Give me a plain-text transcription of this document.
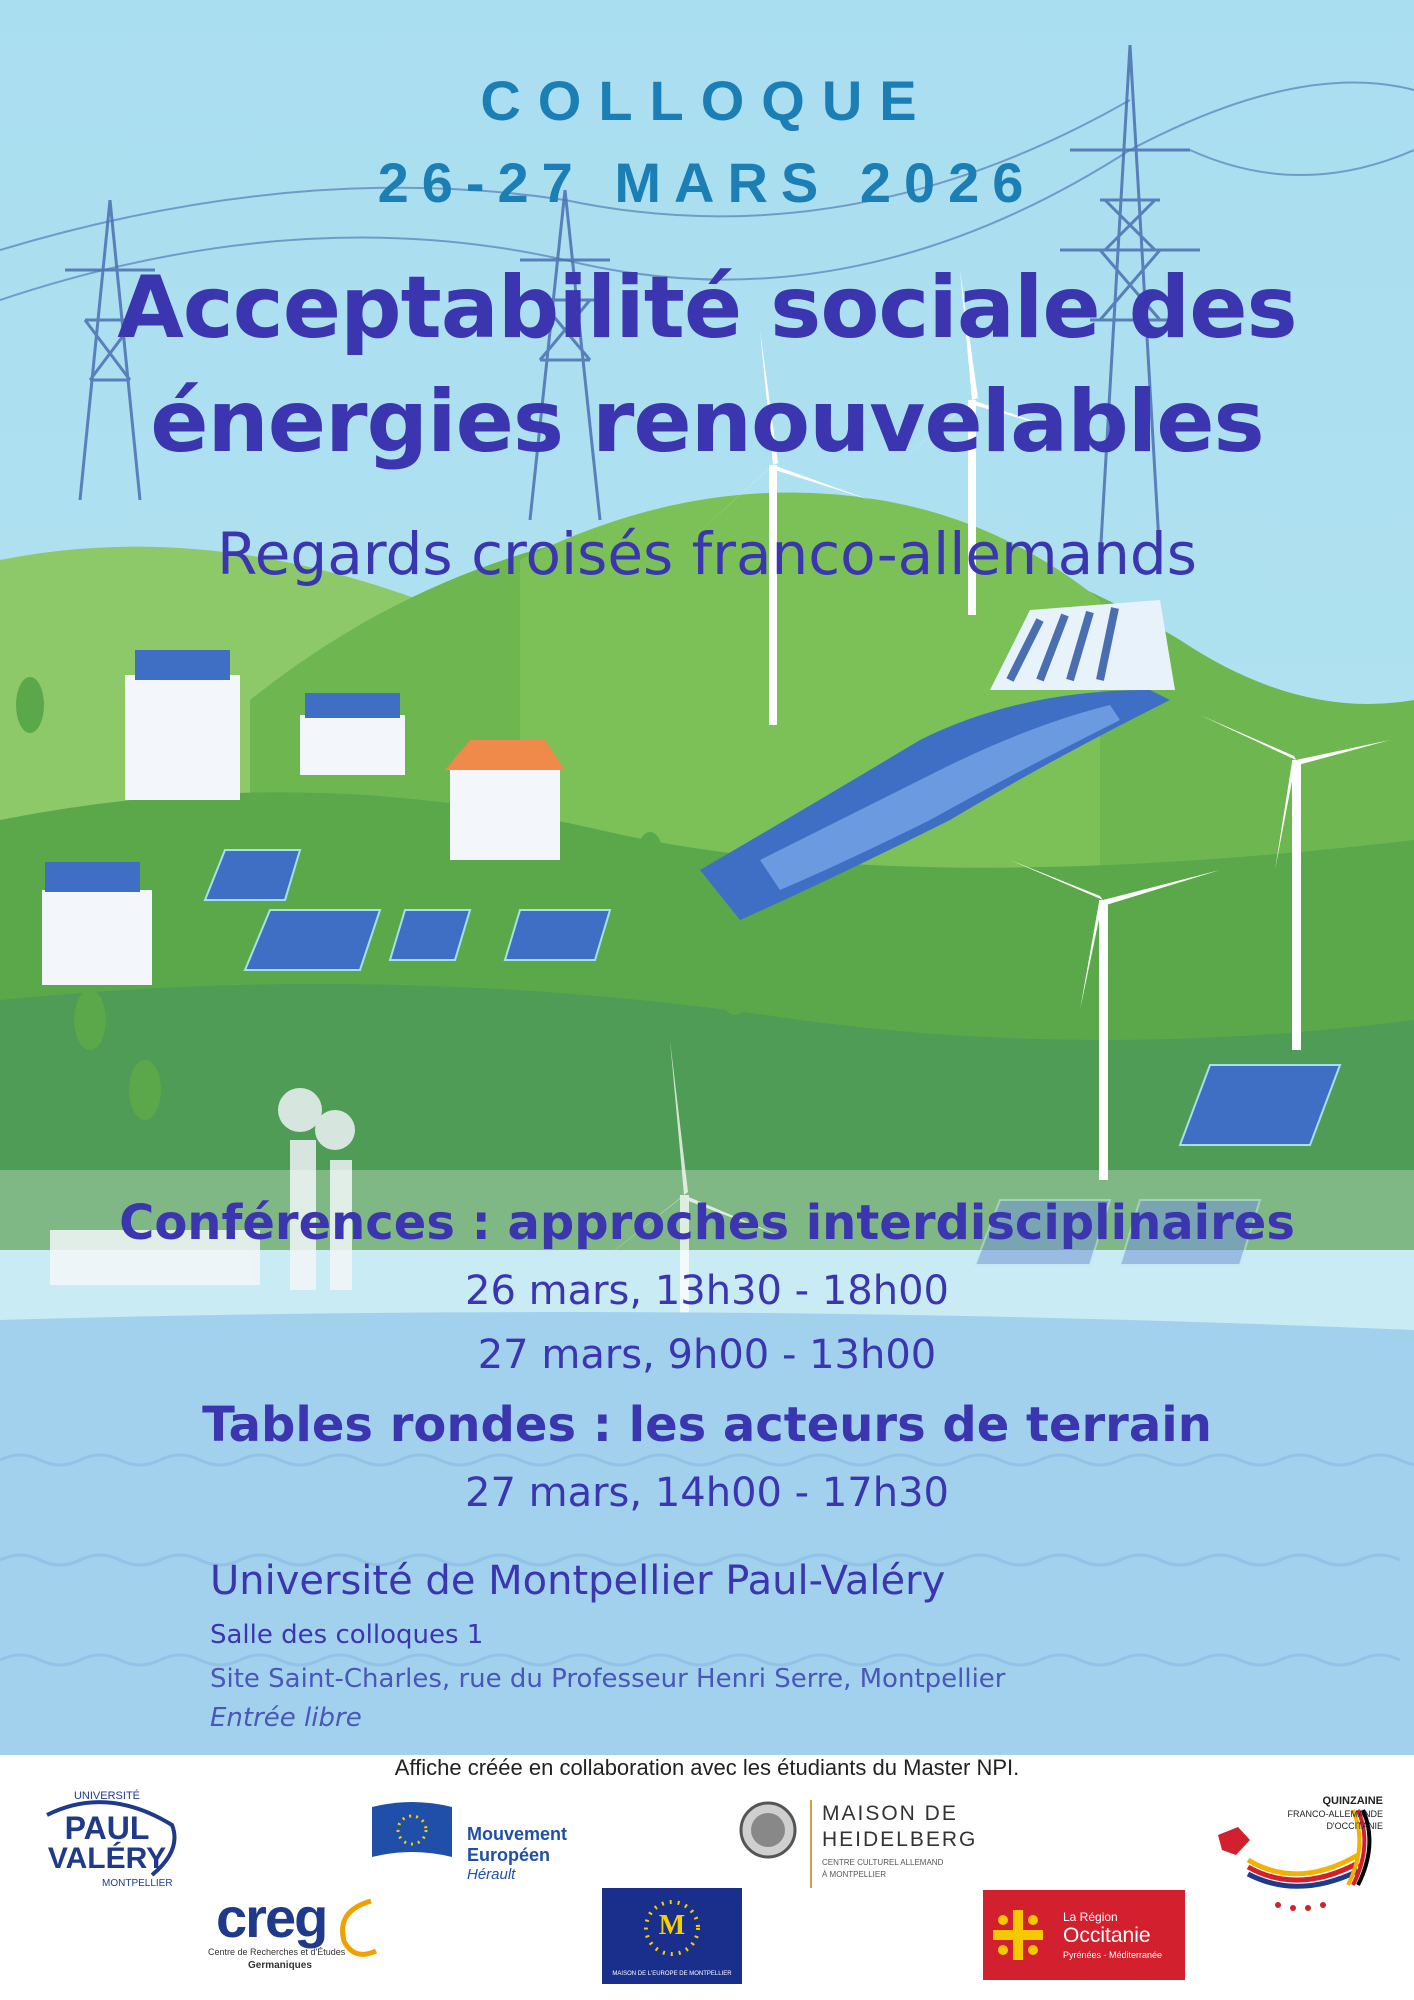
COLLOQUE
26-27 MARS 2026
Acceptabilité sociale des
énergies renouvelables
Regards croisés franco-allemands
Conférences : approches interdisciplinaires
26 mars, 13h30 - 18h00
27 mars, 9h00 - 13h00
Tables rondes : les acteurs de terrain
27 mars, 14h00 - 17h30
Université de Montpellier Paul-Valéry
Salle des colloques 1
Site Saint-Charles, rue du Professeur Henri Serre, Montpellier
Entrée libre
Affiche créée en collaboration avec les étudiants du Master NPI.
UNIVERSITÉ
PAUL
VALÉRY
MONTPELLIER
Mouvement
Européen
Hérault
MAISON DE
HEIDELBERG
CENTRE CULTUREL ALLEMAND
À MONTPELLIER
QUINZAINE
FRANCO-ALLEMANDE
D'OCCITANIE
creg
Centre de Recherches et d'Études
Germaniques
M
MAISON DE L'EUROPE DE MONTPELLIER
La Région
Occitanie
Pyrénées - Méditerranée
